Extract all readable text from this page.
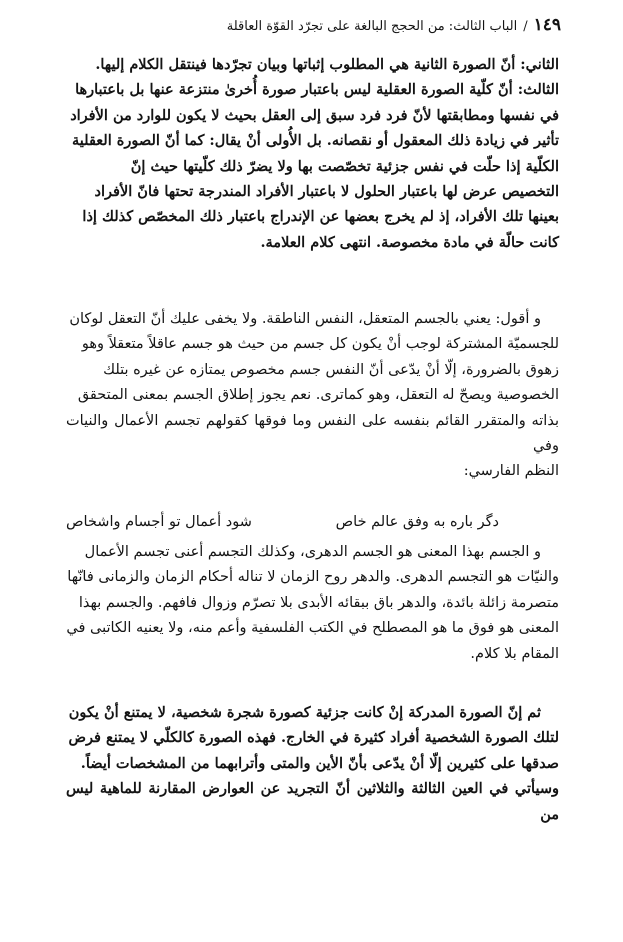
١٤٩/الباب الثالث: من الحجج البالغة على تجرّد القوّة العاقلة

الثاني: أنّ الصورة الثانية هي المطلوب إثباتها وبيان تجرّدها فينتقل الكلام إليها.

الثالث: أنّ كلّية الصورة العقلية ليس باعتبار صورة أُخرىٰ منتزعة عنها بل باعتبارها

في نفسها ومطابقتها لأنّ فرد فرد سبق إلى العقل بحيث لا يكون للوارد من الأفراد

تأثير في زيادة ذلك المعقول أو نقصانه. بل الأُولى أنْ يقال: كما أنّ الصورة العقلية

الكلّية إذا حلّت في نفس جزئية تخصّصت بها ولا يضرّ ذلك كلّيتها حيث إنّ

التخصيص عرض لها باعتبار الحلول لا باعتبار الأفراد المندرجة تحتها فانّ الأفراد

بعينها تلك الأفراد، إذ لم يخرج بعضها عن الإندراج باعتبار ذلك المخصّص كذلك إذا

كانت حالّة في مادة مخصوصة. انتهى كلام العلامة.

و أقول: يعني بالجسم المتعقل، النفس الناطقة. ولا يخفى عليك أنّ التعقل لوكان

للجسميّة المشتركة لوجب أنْ يكون كل جسم من حيث هو جسم عاقلاً متعقلاً وهو

زهوق بالضرورة، إلّا أنْ يدّعى أنّ النفس جسم مخصوص يمتازه عن غيره بتلك

الخصوصية ويصحّ له التعقل، وهو كماترى. نعم يجوز إطلاق الجسم بمعنى المتحقق

بذاته والمتقرر القائم بنفسه على النفس وما فوقها كقولهم تجسم الأعمال والنيات وفي

النظم الفارسي:

دگر باره به وفق عالم خاص
شود أعمال تو أجسام واشخاص

و الجسم بهذا المعنى هو الجسم الدهرى، وكذلك التجسم أعنى تجسم الأعمال

والنيّات هو التجسم الدهرى. والدهر روح الزمان لا تناله أحكام الزمان والزمانى فانّها

متصرمة زائلة بائدة، والدهر باق ببقائه الأبدى بلا تصرّم وزوال فافهم. والجسم بهذا

المعنى هو فوق ما هو المصطلح في الكتب الفلسفية وأعم منه، ولا يعنيه الكاتبى في

المقام بلا كلام.

ثم إنّ الصورة المدركة إنْ كانت جزئية كصورة شجرة شخصية، لا يمتنع أنْ يكون

لتلك الصورة الشخصية أفراد كثيرة في الخارج. فهذه الصورة كالكلّي لا يمتنع فرض

صدقها على كثيرين إلّا أنْ يدّعى بأنّ الأين والمتى وأترابهما من المشخصات أيضاً.

وسيأتي في العين الثالثة والثلاثين أنّ التجريد عن العوارض المقارنة للماهية ليس من
